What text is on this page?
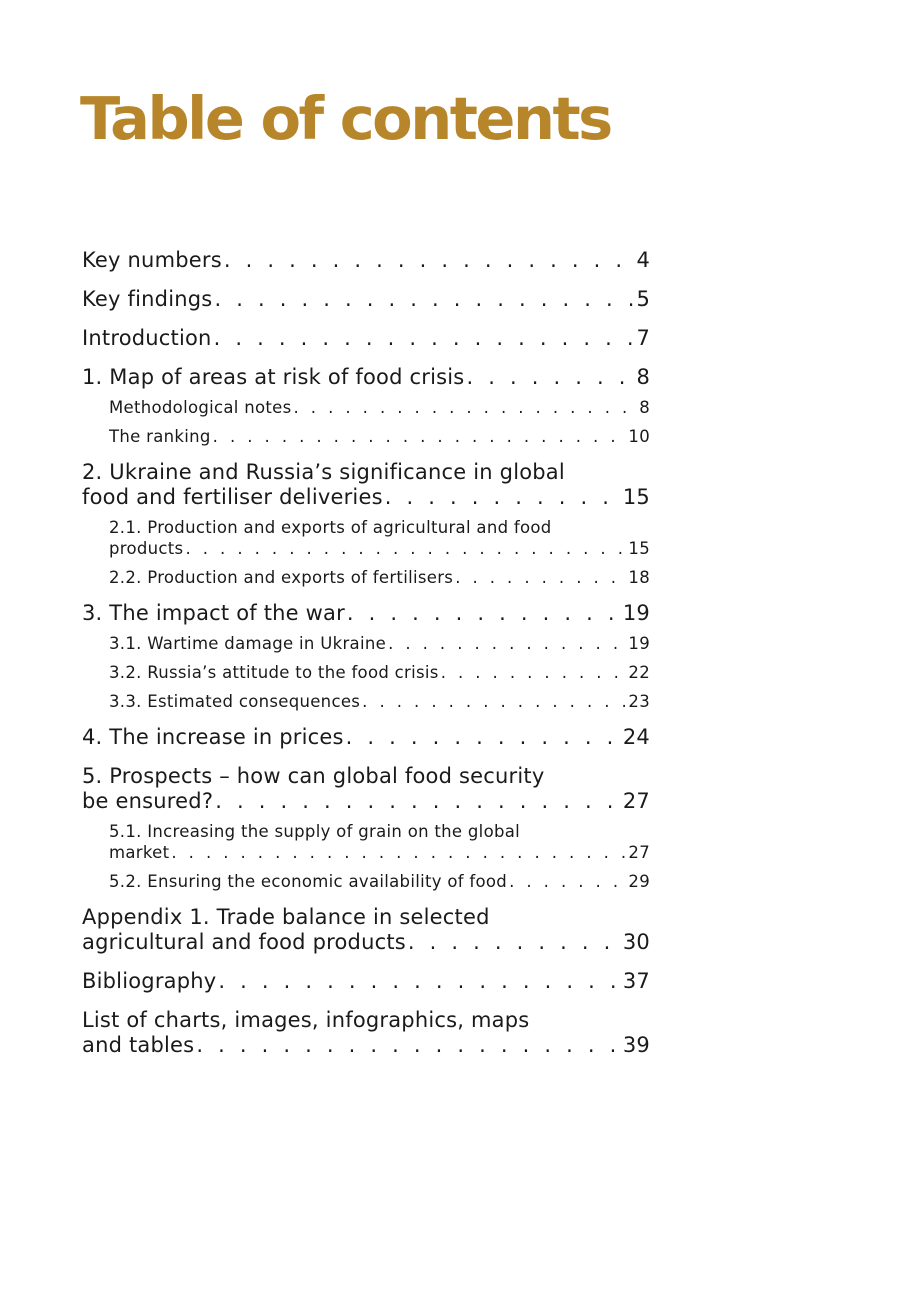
Table of contents
Key numbers . . .	4
Key findings . . .	5
Introduction . . .	7
1. Map of areas at risk of food crisis . . .	8
Methodological notes . . .	8
The ranking . . .	10
2. Ukraine and Russia’s significance in global
food and fertiliser deliveries . . .	15
2.1. Production and exports of agricultural and food
products . . .	15
2.2. Production and exports of fertilisers . . .	18
3. The impact of the war . . .	19
3.1. Wartime damage in Ukraine . . .	19
3.2. Russia’s attitude to the food crisis . . .	22
3.3. Estimated consequences . . .	23
4. The increase in prices . . .	24
5. Prospects – how can global food security
be ensured? . . .	27
5.1. Increasing the supply of grain on the global
market . . .	27
5.2. Ensuring the economic availability of food . . .	29
Appendix 1. Trade balance in selected
agricultural and food products . . .	30
Bibliography . . .	37
List of charts, images, infographics, maps
and tables . . .	39
